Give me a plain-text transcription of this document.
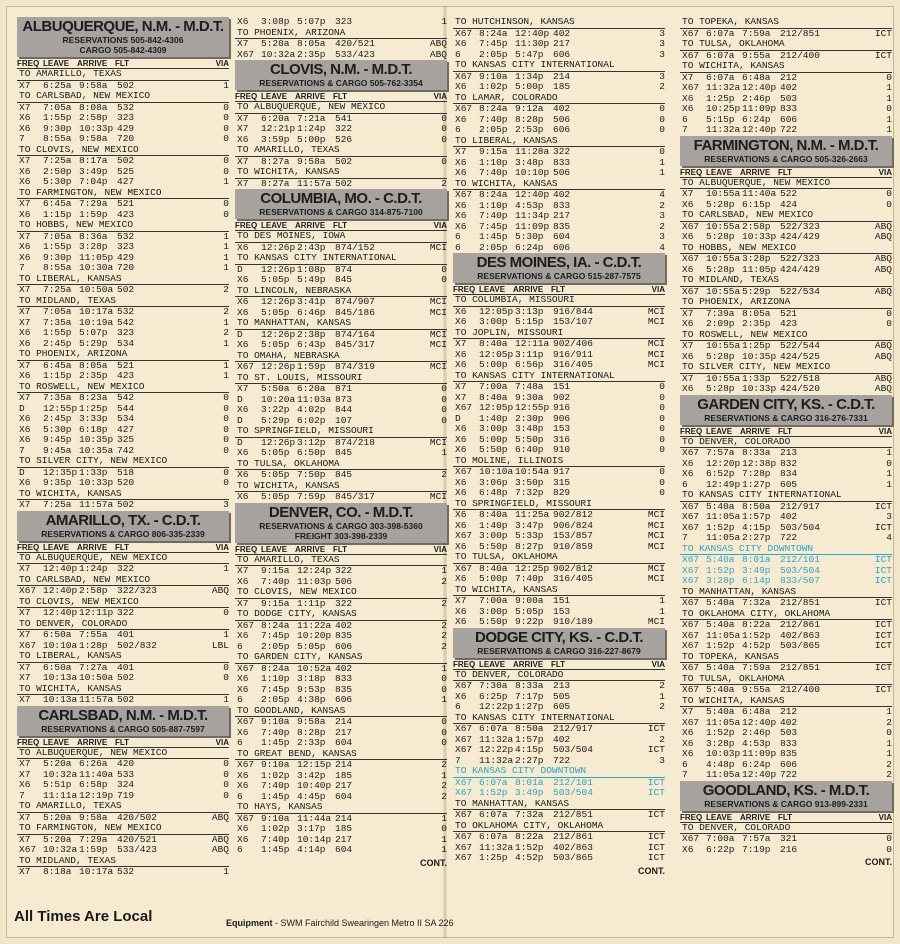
ALBUQUERQUE, N.M. - M.D.T.
RESERVATIONS 505-842-4306
CARGO 505-842-4309
FREQ LEAVE ARRIVE FLT	VIA
TO AMARILLO, TEXAS
X7	6:25a 9:58a 502	1
TO CARLSBAD, NEW MEXICO
X7	7:05a 8:08a 532	0
X6	1:55p 2:58p 323	0
X6	9:30p 10:33p 429	0
7	8:55a 9:58a 720	0
TO CLOVIS, NEW MEXICO
X7	7:25a 8:17a 502	0
X6	2:50p 3:49p 525	0
X6	5:30p 7:04p 427	1
TO FARMINGTON, NEW MEXICO
X7	6:45a 7:29a 521	0
X6	1:15p 1:59p 423	0
TO HOBBS, NEW MEXICO
X7	7:05a 8:36a 532	1
X6	1:55p 3:28p 323	1
X6	9:30p 11:05p 429	1
7	8:55a 10:30a 720	1
TO LIBERAL, KANSAS
X7	7:25a 10:50a 502	2
TO MIDLAND, TEXAS
X7	7:05a 10:17a 532	2
X7	7:35a 10:19a 542	1
X6	1:55p 5:07p 323	2
X6	2:45p 5:29p 534	1
TO PHOENIX, ARIZONA
X7	6:45a 8:05a 521	1
X6	1:15p 2:35p 423	1
TO ROSWELL, NEW MEXICO
X7	7:35a 8:23a 542	0
D	12:55p 1:25p 544	0
X6	2:45p 3:33p 534	0
X6	5:30p 6:18p 427	0
X6	9:45p 10:35p 325	0
7	9:45a 10:35a 742	0
TO SILVER CITY, NEW MEXICO
D	12:35p 1:33p 518	0
X6	9:35p 10:33p 520	0
TO WICHITA, KANSAS
X7	7:25a 11:57a 502	3
AMARILLO, TX. - C.D.T.
RESERVATIONS & CARGO 806-335-2339
FREQ LEAVE ARRIVE FLT	VIA
TO ALBUQUERQUE, NEW MEXICO
X7	12:40p 1:24p 322	1
TO CARLSBAD, NEW MEXICO
X67 12:40p 2:58p 322/323	ABQ
TO CLOVIS, NEW MEXICO
X7	12:40p 12:11p 322	0
TO DENVER, COLORADO
X7	6:50a 7:55a 401	1
X67 10:10a 1:28p 502/832	LBL
TO LIBERAL, KANSAS
X7	6:50a 7:27a 401	0
X7	10:13a 10:50a 502	0
TO WICHITA, KANSAS
X7	10:13a 11:57a 502	1
CARLSBAD, N.M. - M.D.T.
RESERVATIONS & CARGO 505-887-7597
FREQ LEAVE ARRIVE FLT	VIA
TO ALBUQUERQUE, NEW MEXICO
X7	5:20a 6:26a 420	0
X7	10:32a 11:40a 533	0
X6	5:51p 6:58p 324	0
7	11:11a 12:19p 719	0
TO AMARILLO, TEXAS
X7	5:20a 9:58a 420/502	ABQ
TO FARMINGTON, NEW MEXICO
X7	5:20a 7:29a 420/521	ABQ
X67 10:32a 1:59p 533/423	ABQ
TO MIDLAND, TEXAS
X7	8:18a 10:17a 532	1
X6	3:08p 5:07p 323	1
TO PHOENIX, ARIZONA
X7	5:20a 8:05a 420/521	ABQ
X67 10:32a 2:35p 533/423	ABQ
CLOVIS, N.M. - M.D.T.
RESERVATIONS & CARGO 505-762-3354
FREQ LEAVE ARRIVE FLT	VIA
TO ALBUQUERQUE, NEW MEXICO
X7	6:20a 7:21a 541	0
X7	12:21p 1:24p 322	0
X6	3:59p 5:00p 526	0
TO AMARILLO, TEXAS
X7	8:27a 9:58a 502	0
TO WICHITA, KANSAS
X7	8:27a 11:57a 502	2
COLUMBIA, MO. - C.D.T.
RESERVATIONS & CARGO 314-875-7100
FREQ LEAVE ARRIVE FLT	VIA
TO DES MOINES, IOWA
X6	12:26p 2:43p 874/152	MCI
TO KANSAS CITY INTERNATIONAL
D	12:26p 1:08p 874	0
X6	5:05p 5:49p 845	0
TO LINCOLN, NEBRASKA
X6	12:26p 3:41p 874/907	MCI
X6	5:05p 6:46p 845/186	MCI
TO MANHATTAN, KANSAS
D	12:26p 2:38p 874/164	MCI
X6	5:05p 6:43p 845/317	MCI
TO OMAHA, NEBRASKA
X67 12:26p 1:59p 874/319	MCI
TO ST. LOUIS, MISSOURI
X7	5:50a 6:20a 871	0
D	10:20a 11:03a 873	0
X6	3:22p 4:02p 844	0
D	5:29p 6:02p 107	0
TO SPRINGFIELD, MISSOURI
D	12:26p 3:12p 874/218	MCI
X6	5:05p 6:50p 845	1
TO TULSA, OKLAHOMA
X6	5:05p 7:50p 845	2
TO WICHITA, KANSAS
X6	5:05p 7:59p 845/317	MCI
DENVER, CO. - M.D.T.
RESERVATIONS & CARGO 303-398-5360
FREIGHT 303-398-2339
FREQ LEAVE ARRIVE FLT	VIA
TO AMARILLO, TEXAS
X7	9:15a 12:24p 322	1
X6	7:40p 11:03p 506	2
TO CLOVIS, NEW MEXICO
X7	9:15a 1:11p 322	2
TO DODGE CITY, KANSAS
X67 8:24a 11:22a 402	2
X6	7:45p 10:20p 835	2
6	2:05p 5:05p 606	2
TO GARDEN CITY, KANSAS
X67 8:24a 10:52a 402	1
X6	1:10p 3:18p 833	0
X6	7:45p 9:53p 835	0
6	2:05p 4:38p 606	1
TO GOODLAND, KANSAS
X67 9:10a 9:58a 214	0
X6	7:40p 8:28p 217	0
6	1:45p 2:33p 604	0
TO GREAT BEND, KANSAS
X67 9:10a 12:15p 214	2
X6	1:02p 3:42p 185	1
X6	7:40p 10:40p 217	2
6	1:45p 4:45p 604	2
TO HAYS, KANSAS
X67 9:10a 11:44a 214	1
X6	1:02p 3:17p 185	0
X6	7:40p 10:14p 217	1
6	1:45p 4:14p 604	1
CONT.
TO HUTCHINSON, KANSAS
X67 8:24a 12:40p 402	3
X6	7:45p 11:30p 217	3
6	2:05p 5:47p 606	3
TO KANSAS CITY INTERNATIONAL
X67 9:10a 1:34p 214	3
X6	1:02p 5:00p 185	2
TO LAMAR, COLORADO
X67 8:24a 9:12a 402	0
X6	7:40p 8:28p 506	0
6	2:05p 2:53p 606	0
TO LIBERAL, KANSAS
X7	9:15a 11:28a 322	0
X6	1:10p 3:48p 833	1
X6	7:40p 10:10p 506	1
TO WICHITA, KANSAS
X67 8:24a 12:40p 402	4
X6	1:10p 4:53p 833	2
X6	7:40p 11:34p 217	3
X6	7:45p 11:09p 835	2
6	1:45p 5:30p 604	3
6	2:05p 6:24p 606	4
DES MOINES, IA. - C.D.T.
RESERVATIONS & CARGO 515-287-7575
FREQ LEAVE ARRIVE FLT	VIA
TO COLUMBIA, MISSOURI
X6	12:05p 3:13p 916/844	MCI
X6	3:00p 5:15p 153/107	MCI
TO JOPLIN, MISSOURI
X7	8:40a 12:11a 902/406	MCI
X6	12:05p 3:11p 916/911	MCI
X6	5:00p 6:56p 316/405	MCI
TO KANSAS CITY INTERNATIONAL
X7	7:00a 7:48a 151	0
X7	8:40a 9:30a 902	0
X67 12:05p 12:55p 916	0
D	1:40p 2:30p 906	0
X6	3:00p 3:48p 153	0
X6	5:00p 5:50p 316	0
X6	5:50p 6:40p 910	0
TO MOLINE, ILLINOIS
X67 10:10a 10:54a 917	0
X6	3:06p 3:50p 315	0
X6	6:48p 7:32p 829	0
TO SPRINGFIELD, MISSOURI
X6	8:40a 11:25a 902/812	MCI
X6	1:40p 3:47p 906/824	MCI
X67 3:00p 5:33p 153/857	MCI
X6	5:50p 8:27p 910/859	MCI
TO TULSA, OKLAHOMA
X67 8:40a 12:25p 902/812	MCI
X6	5:00p 7:40p 316/405	MCI
TO WICHITA, KANSAS
X7	7:00a 9:00a 151	1
X6	3:00p 5:05p 153	1
X6	5:50p 9:22p 910/189	MCI
DODGE CITY, KS. - C.D.T.
RESERVATIONS & CARGO 316-227-8679
FREQ LEAVE ARRIVE FLT	VIA
TO DENVER, COLORADO
X67 7:30a 8:33a 213	2
X6	6:25p 7:17p 505	1
6	12:22p 1:27p 605	2
TO KANSAS CITY INTERNATIONAL
X67 6:07a 8:50a 212/917	ICT
X67 11:32a 1:57p 402	2
X67 12:22p 4:15p 503/504	ICT
7	11:32a 2:27p 722	3
TO KANSAS CITY DOWNTOWN
X67 6:07a 8:01a 212/101	ICT
X67 1:52p 3:49p 503/504	ICT
TO MANHATTAN, KANSAS
X67 6:07a 7:32a 212/851	ICT
TO OKLAHOMA CITY, OKLAHOMA
X67 6:07a 8:22a 212/861	ICT
X67 11:32a 1:52p 402/863	ICT
X67 1:25p 4:52p 503/865	ICT
CONT.
TO TOPEKA, KANSAS
X67 6:07a 7:59a 212/851	ICT
TO TULSA, OKLAHOMA
X67 6:07a 9:55a 212/400	ICT
TO WICHITA, KANSAS
X7	6:07a 6:48a 212	0
X67 11:32a 12:40p 402	1
X6	1:25p 2:46p 503	1
X6	10:25p 11:09p 833	0
6	5:15p 6:24p 606	1
7	11:32a 12:40p 722	1
FARMINGTON, N.M. - M.D.T.
RESERVATIONS & CARGO 505-326-2663
FREQ LEAVE ARRIVE FLT	VIA
TO ALBUQUERQUE, NEW MEXICO
X7	10:55a 11:40a 522	0
X6	5:28p 6:15p 424	0
TO CARLSBAD, NEW MEXICO
X67 10:55a 2:58p 522/323	ABQ
X6	5:28p 10:33p 424/429	ABQ
TO HOBBS, NEW MEXICO
X67 10:55a 3:28p 522/323	ABQ
X6	5:28p 11:05p 424/429	ABQ
TO MIDLAND, TEXAS
X67 10:55a 5:29p 522/534	ABQ
TO PHOENIX, ARIZONA
X7	7:39a 8:05a 521	0
X6	2:09p 2:35p 423	0
TO ROSWELL, NEW MEXICO
X7	10:55a 1:25p 522/544	ABQ
X6	5:28p 10:35p 424/525	ABQ
TO SILVER CITY, NEW MEXICO
X7	10:55a 1:33p 522/518	ABQ
X6	5:28p 10:33p 424/520	ABQ
GARDEN CITY, KS. - C.D.T.
RESERVATIONS & CARGO 316-276-7331
FREQ LEAVE ARRIVE FLT	VIA
TO DENVER, COLORADO
X67 7:57a 8:33a 213	1
X6	12:20p 12:38p 832	0
X6	6:52p 7:28p 834	1
6	12:49p 1:27p 605	1
TO KANSAS CITY INTERNATIONAL
X67 5:40a 8:50a 212/917	ICT
X67 11:05a 1:57p 402	3
X67 1:52p 4:15p 503/504	ICT
7	11:05a 2:27p 722	4
TO KANSAS CITY DOWNTOWN
X67 5:40a 8:01a 212/101	ICT
X67 1:52p 3:49p 503/504	ICT
X67 3:28p 6:14p 833/507	ICT
TO MANHATTAN, KANSAS
X67 5:40a 7:32a 212/851	ICT
TO OKLAHOMA CITY, OKLAHOMA
X67 5:40a 8:22a 212/861	ICT
X67 11:05a 1:52p 402/863	ICT
X67 1:52p 4:52p 503/865	ICT
TO TOPEKA, KANSAS
X67 5:40a 7:59a 212/851	ICT
TO TULSA, OKLAHOMA
X67 5:40a 9:55a 212/400	ICT
TO WICHITA, KANSAS
X7	5:40a 6:48a 212	1
X67 11:05a 12:40p 402	2
X6	1:52p 2:46p 503	0
X6	3:28p 4:53p 833	1
X6	10:03p 11:09p 835	1
6	4:48p 6:24p 606	2
7	11:05a 12:40p 722	2
GOODLAND, KS. - M.D.T.
RESERVATIONS & CARGO 913-899-2331
FREQ LEAVE ARRIVE FLT	VIA
TO DENVER, COLORADO
X67 7:00a 7:57a 321	0
X6	6:22p 7:19p 216	0
CONT.
All Times Are Local	Equipment - SWM Fairchild Swearingen Metro II SA 226
